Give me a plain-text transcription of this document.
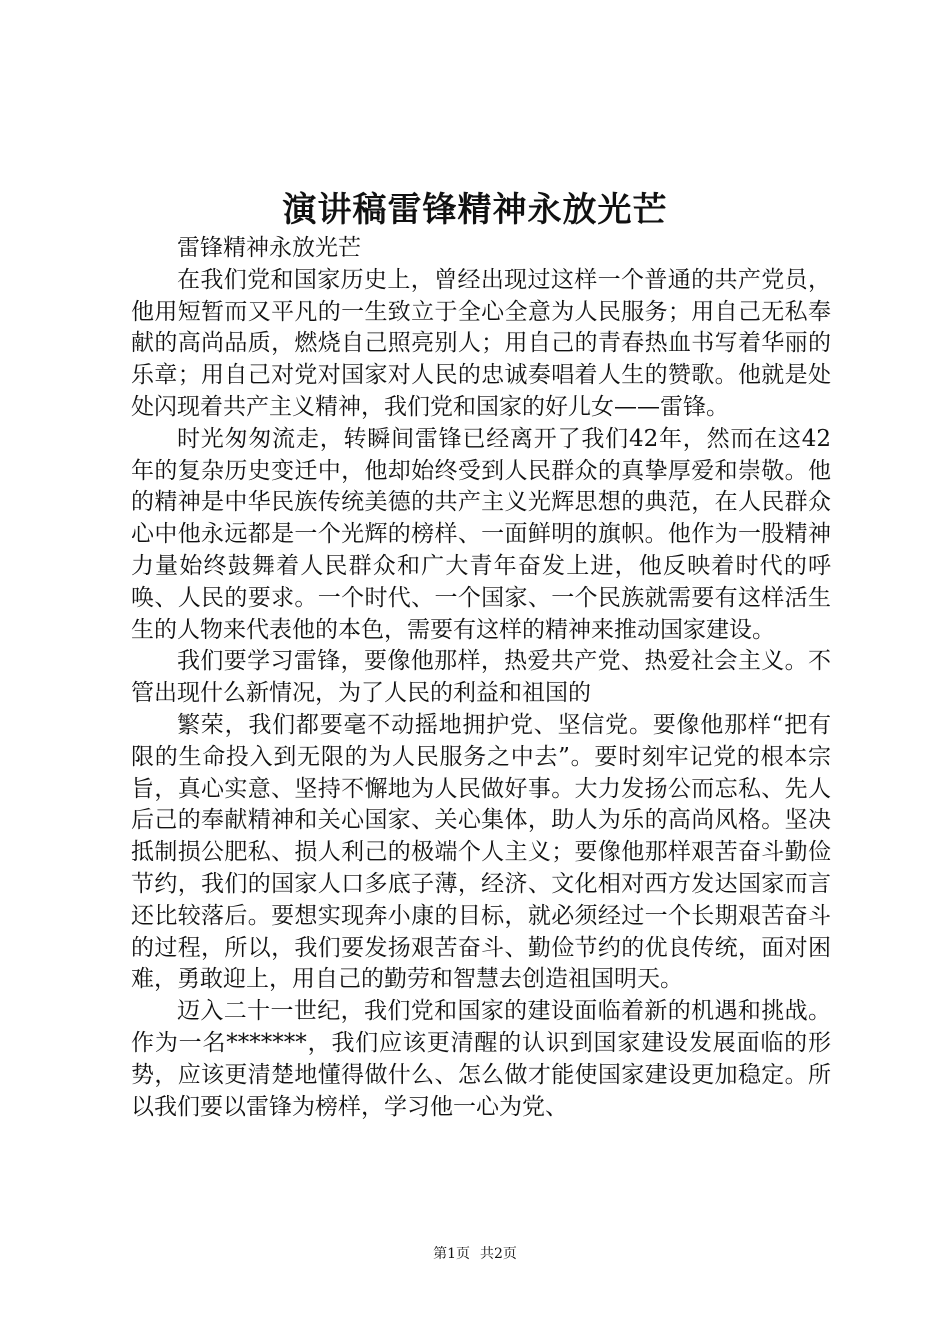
演讲稿雷锋精神永放光芒

雷锋精神永放光芒

在我们党和国家历史上，曾经出现过这样一个普通的共产党员，他用短暂而又平凡的一生致立于全心全意为人民服务；用自己无私奉献的高尚品质，燃烧自己照亮别人；用自己的青春热血书写着华丽的乐章；用自己对党对国家对人民的忠诚奏唱着人生的赞歌。他就是处处闪现着共产主义精神，我们党和国家的好儿女——雷锋。

时光匆匆流走，转瞬间雷锋已经离开了我们42年，然而在这42年的复杂历史变迁中，他却始终受到人民群众的真挚厚爱和崇敬。他的精神是中华民族传统美德的共产主义光辉思想的典范，在人民群众心中他永远都是一个光辉的榜样、一面鲜明的旗帜。他作为一股精神力量始终鼓舞着人民群众和广大青年奋发上进，他反映着时代的呼唤、人民的要求。一个时代、一个国家、一个民族就需要有这样活生生的人物来代表他的本色，需要有这样的精神来推动国家建设。

我们要学习雷锋，要像他那样，热爱共产党、热爱社会主义。不管出现什么新情况，为了人民的利益和祖国的

繁荣，我们都要毫不动摇地拥护党、坚信党。要像他那样“把有限的生命投入到无限的为人民服务之中去”。要时刻牢记党的根本宗旨，真心实意、坚持不懈地为人民做好事。大力发扬公而忘私、先人后己的奉献精神和关心国家、关心集体，助人为乐的高尚风格。坚决抵制损公肥私、损人利己的极端个人主义；要像他那样艰苦奋斗勤俭节约，我们的国家人口多底子薄，经济、文化相对西方发达国家而言还比较落后。要想实现奔小康的目标，就必须经过一个长期艰苦奋斗的过程，所以，我们要发扬艰苦奋斗、勤俭节约的优良传统，面对困难，勇敢迎上，用自己的勤劳和智慧去创造祖国明天。

迈入二十一世纪，我们党和国家的建设面临着新的机遇和挑战。作为一名*******，我们应该更清醒的认识到国家建设发展面临的形势，应该更清楚地懂得做什么、怎么做才能使国家建设更加稳定。所以我们要以雷锋为榜样，学习他一心为党、

第1页 共2页
